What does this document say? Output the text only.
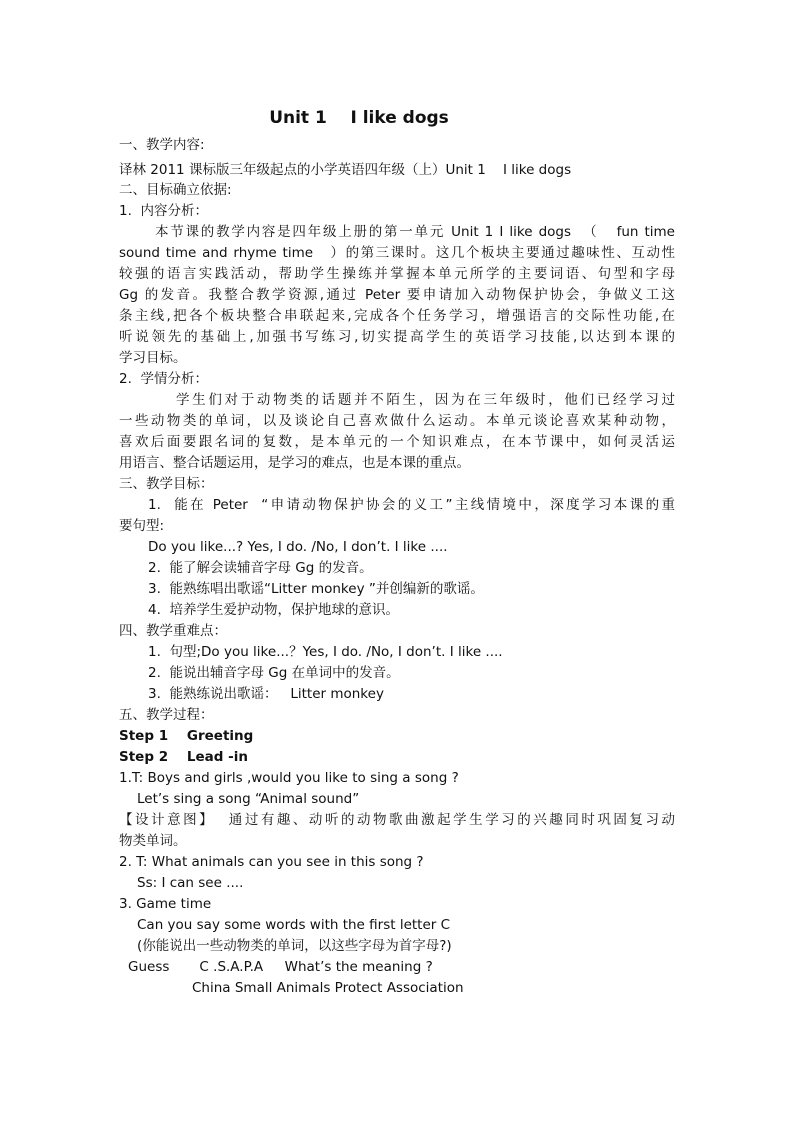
Unit 1    I like dogs
一、教学内容:
译林 2011 课标版三年级起点的小学英语四年级（上）Unit 1    I like dogs
二、目标确立依据:
1.  内容分析：
本节课的教学内容是四年级上册的第一单元 Unit 1 I like dogs  （   fun time
sound time and rhyme time   ）的第三课时。这几个板块主要通过趣味性、互动性
较强的语言实践活动，帮助学生操练并掌握本单元所学的主要词语、句型和字母
Gg 的发音。我整合教学资源,通过 Peter 要申请加入动物保护协会，争做义工这
条主线,把各个板块整合串联起来,完成各个任务学习，增强语言的交际性功能,在
听说领先的基础上,加强书写练习,切实提高学生的英语学习技能,以达到本课的
学习目标。
2.  学情分析：
学生们对于动物类的话题并不陌生，因为在三年级时，他们已经学习过
一些动物类的单词，以及谈论自己喜欢做什么运动。本单元谈论喜欢某种动物，
喜欢后面要跟名词的复数，是本单元的一个知识难点，在本节课中，如何灵活运
用语言、整合话题运用，是学习的难点，也是本课的重点。
三、教学目标：
1.  能在 Peter  “申请动物保护协会的义工”主线情境中，深度学习本课的重
要句型:
Do you like...? Yes, I do. /No, I don’t. I like ....
2.  能了解会读辅音字母 Gg 的发音。
3.  能熟练唱出歌谣“Litter monkey ”并创编新的歌谣。
4.  培养学生爱护动物，保护地球的意识。
四、教学重难点：
1.  句型;Do you like...？Yes, I do. /No, I don’t. I like ....
2.  能说出辅音字母 Gg 在单词中的发音。
3.  能熟练说出歌谣：   Litter monkey
五、教学过程：
Step 1    Greeting
Step 2    Lead -in
1.T: Boys and girls ,would you like to sing a song ?
Let’s sing a song “Animal sound”
【设计意图】  通过有趣、动听的动物歌曲激起学生学习的兴趣同时巩固复习动
物类单词。
2. T: What animals can you see in this song ?
Ss: I can see ....
3. Game time
Can you say some words with the first letter C
(你能说出一些动物类的单词，以这些字母为首字母?)
Guess       C .S.A.P.A     What’s the meaning ?
China Small Animals Protect Association
